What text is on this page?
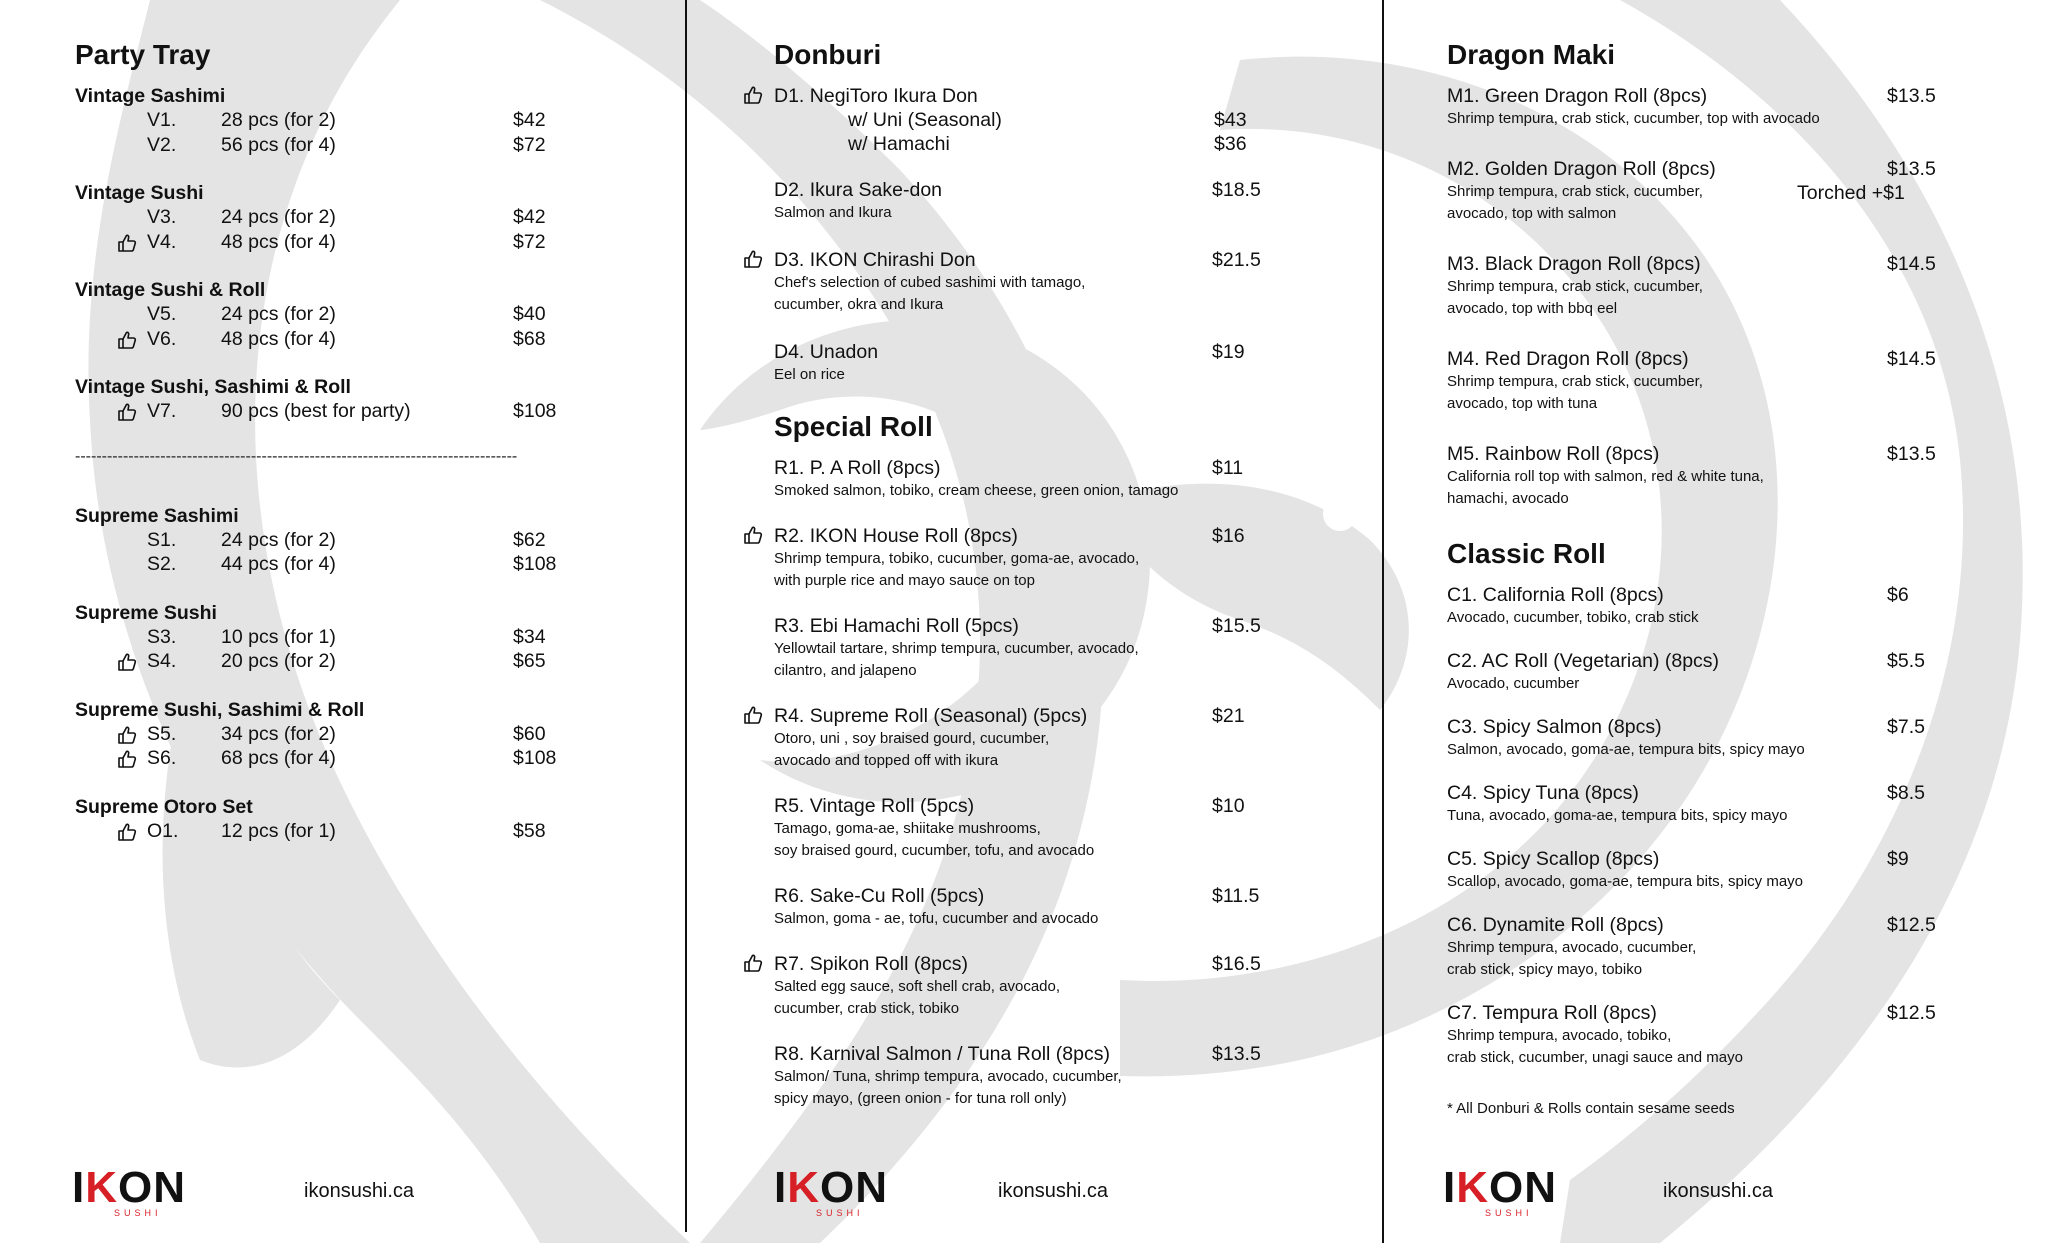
Party Tray
Vintage Sashimi
V1. 28 pcs (for 2)	$42
V2. 56 pcs (for 4)	$72
Vintage Sushi
V3. 24 pcs (for 2)	$42
V4. 48 pcs (for 4)	$72
Vintage Sushi & Roll
V5. 24 pcs (for 2)	$40
V6. 48 pcs (for 4)	$68
Vintage Sushi, Sashimi & Roll
V7. 90 pcs (best for party)	$108
-----------------------------------------------------------------------------------
Supreme Sashimi
S1. 24 pcs (for 2)	$62
S2. 44 pcs (for 4)	$108
Supreme Sushi
S3. 10 pcs (for 1)	$34
S4. 20 pcs (for 2)	$65
Supreme Sushi, Sashimi & Roll
S5. 34 pcs (for 2)	$60
S6. 68 pcs (for 4)	$108
Supreme Otoro Set
O1. 12 pcs (for 1)	$58
Donburi
D1. NegiToro Ikura Don
w/ Uni (Seasonal)	$43
w/ Hamachi	$36
D2. Ikura Sake-don	$18.5
Salmon and Ikura
D3. IKON Chirashi Don	$21.5
Chef's selection of cubed sashimi with tamago,
cucumber, okra and Ikura
D4. Unadon	$19
Eel on rice
Special Roll
R1. P. A Roll (8pcs)	$11
Smoked salmon, tobiko, cream cheese, green onion, tamago
R2. IKON House Roll (8pcs)	$16
Shrimp tempura, tobiko, cucumber, goma-ae, avocado,
with purple rice and mayo sauce on top
R3. Ebi Hamachi Roll (5pcs)	$15.5
Yellowtail tartare, shrimp tempura, cucumber, avocado,
cilantro, and jalapeno
R4. Supreme Roll (Seasonal) (5pcs)	$21
Otoro, uni , soy braised gourd, cucumber,
avocado and topped off with ikura
R5. Vintage Roll (5pcs)	$10
Tamago, goma-ae, shiitake mushrooms,
soy braised gourd, cucumber, tofu, and avocado
R6. Sake-Cu Roll (5pcs)	$11.5
Salmon, goma - ae, tofu, cucumber and avocado
R7. Spikon Roll (8pcs)	$16.5
Salted egg sauce, soft shell crab, avocado,
cucumber, crab stick, tobiko
R8. Karnival Salmon / Tuna Roll (8pcs)	$13.5
Salmon/ Tuna, shrimp tempura, avocado, cucumber,
spicy mayo, (green onion - for tuna roll only)
Dragon Maki
M1. Green Dragon Roll (8pcs)	$13.5
Shrimp tempura, crab stick, cucumber, top with avocado
M2. Golden Dragon Roll (8pcs)	$13.5
Torched +$1
Shrimp tempura, crab stick, cucumber,
avocado, top with salmon
M3. Black Dragon Roll (8pcs)	$14.5
Shrimp tempura, crab stick, cucumber,
avocado, top with bbq eel
M4. Red Dragon Roll (8pcs)	$14.5
Shrimp tempura, crab stick, cucumber,
avocado, top with tuna
M5. Rainbow Roll (8pcs)	$13.5
California roll top with salmon, red & white tuna,
hamachi, avocado
Classic Roll
C1. California Roll (8pcs)	$6
Avocado, cucumber, tobiko, crab stick
C2. AC Roll (Vegetarian) (8pcs)	$5.5
Avocado, cucumber
C3. Spicy Salmon (8pcs)	$7.5
Salmon, avocado, goma-ae, tempura bits, spicy mayo
C4. Spicy Tuna (8pcs)	$8.5
Tuna, avocado, goma-ae, tempura bits, spicy mayo
C5. Spicy Scallop (8pcs)	$9
Scallop, avocado, goma-ae, tempura bits, spicy mayo
C6. Dynamite Roll (8pcs)	$12.5
Shrimp tempura, avocado, cucumber,
crab stick, spicy mayo, tobiko
C7. Tempura Roll (8pcs)	$12.5
Shrimp tempura, avocado, tobiko,
crab stick, cucumber, unagi sauce and mayo
* All Donburi & Rolls contain sesame seeds
IKON
SUSHI
ikonsushi.ca	IKON
SUSHI
ikonsushi.ca	IKON
SUSHI
ikonsushi.ca
